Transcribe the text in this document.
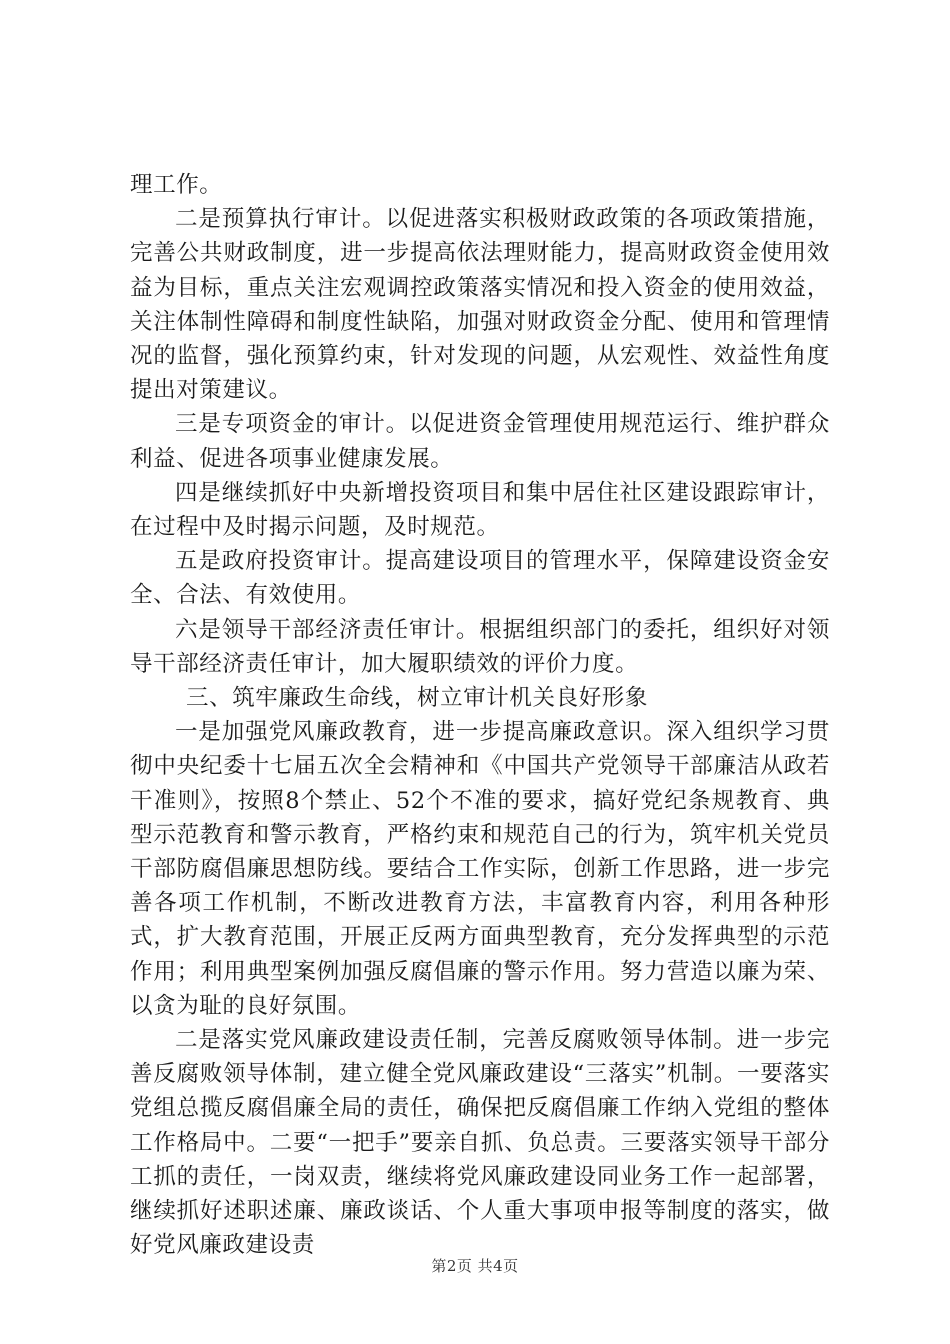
理工作。

二是预算执行审计。以促进落实积极财政政策的各项政策措施，完善公共财政制度，进一步提高依法理财能力，提高财政资金使用效益为目标，重点关注宏观调控政策落实情况和投入资金的使用效益，关注体制性障碍和制度性缺陷，加强对财政资金分配、使用和管理情况的监督，强化预算约束，针对发现的问题，从宏观性、效益性角度提出对策建议。

三是专项资金的审计。以促进资金管理使用规范运行、维护群众利益、促进各项事业健康发展。

四是继续抓好中央新增投资项目和集中居住社区建设跟踪审计，在过程中及时揭示问题，及时规范。

五是政府投资审计。提高建设项目的管理水平，保障建设资金安全、合法、有效使用。

六是领导干部经济责任审计。根据组织部门的委托，组织好对领导干部经济责任审计，加大履职绩效的评价力度。

三、筑牢廉政生命线，树立审计机关良好形象

一是加强党风廉政教育，进一步提高廉政意识。深入组织学习贯彻中央纪委十七届五次全会精神和《中国共产党领导干部廉洁从政若干准则》，按照8个禁止、52个不准的要求，搞好党纪条规教育、典型示范教育和警示教育，严格约束和规范自己的行为，筑牢机关党员干部防腐倡廉思想防线。要结合工作实际，创新工作思路，进一步完善各项工作机制，不断改进教育方法，丰富教育内容，利用各种形式，扩大教育范围，开展正反两方面典型教育，充分发挥典型的示范作用；利用典型案例加强反腐倡廉的警示作用。努力营造以廉为荣、以贪为耻的良好氛围。

二是落实党风廉政建设责任制，完善反腐败领导体制。进一步完善反腐败领导体制，建立健全党风廉政建设“三落实”机制。一要落实党组总揽反腐倡廉全局的责任，确保把反腐倡廉工作纳入党组的整体工作格局中。二要“一把手”要亲自抓、负总责。三要落实领导干部分工抓的责任，一岗双责，继续将党风廉政建设同业务工作一起部署，继续抓好述职述廉、廉政谈话、个人重大事项申报等制度的落实，做好党风廉政建设责

第2页 共4页
